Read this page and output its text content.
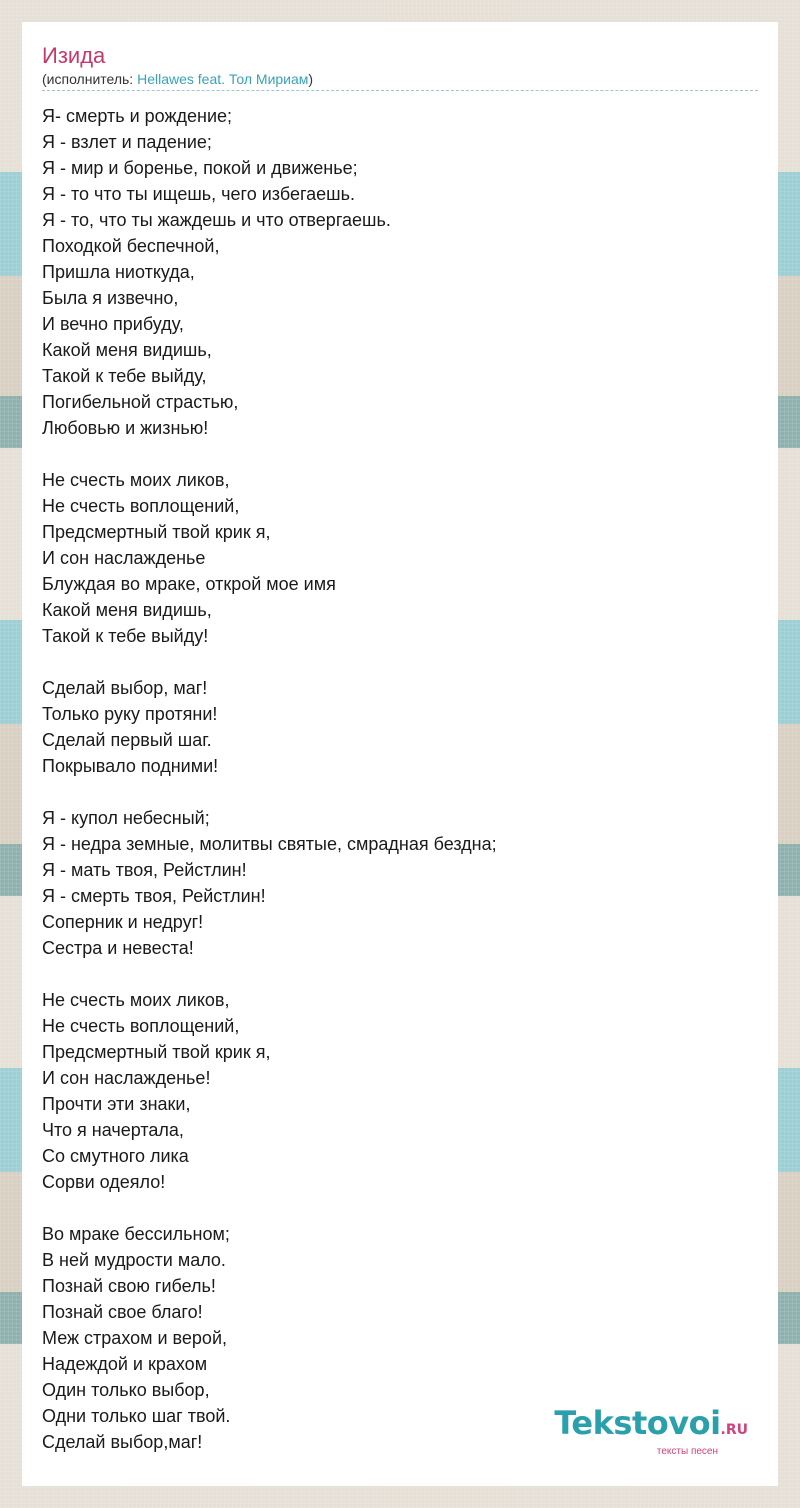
Изида
(исполнитель: Hellawes feat. Тол Мириам)
Я- смерть и рождение;
Я - взлет и падение;
Я - мир и боренье, покой и движенье;
Я - то что ты ищешь, чего избегаешь.
Я - то, что ты жаждешь и что отвергаешь.
Походкой беспечной,
Пришла ниоткуда,
Была я извечно,
И вечно прибуду,
Какой меня видишь,
Такой к тебе выйду,
Погибельной страстью,
Любовью и жизнью!
Не счесть моих ликов,
Не счесть воплощений,
Предсмертный твой крик я,
И сон наслажденье
Блуждая во мраке, открой мое имя
Какой меня видишь,
Такой к тебе выйду!
Сделай выбор, маг!
Только руку протяни!
Сделай первый шаг.
Покрывало подними!
Я - купол небесный;
Я - недра земные, молитвы святые, смрадная бездна;
Я - мать твоя, Рейстлин!
Я - смерть твоя, Рейстлин!
Соперник и недруг!
Сестра и невеста!
Не счесть моих ликов,
Не счесть воплощений,
Предсмертный твой крик я,
И сон наслажденье!
Прочти эти знаки,
Что я начертала,
Со смутного лика
Сорви одеяло!
Во мраке бессильном;
В ней мудрости мало.
Познай свою гибель!
Познай свое благо!
Меж страхом и верой,
Надеждой и крахом
Один только выбор,
Одни только шаг твой.
Сделай выбор,маг!	Tekstovoi.RU
тексты песен
